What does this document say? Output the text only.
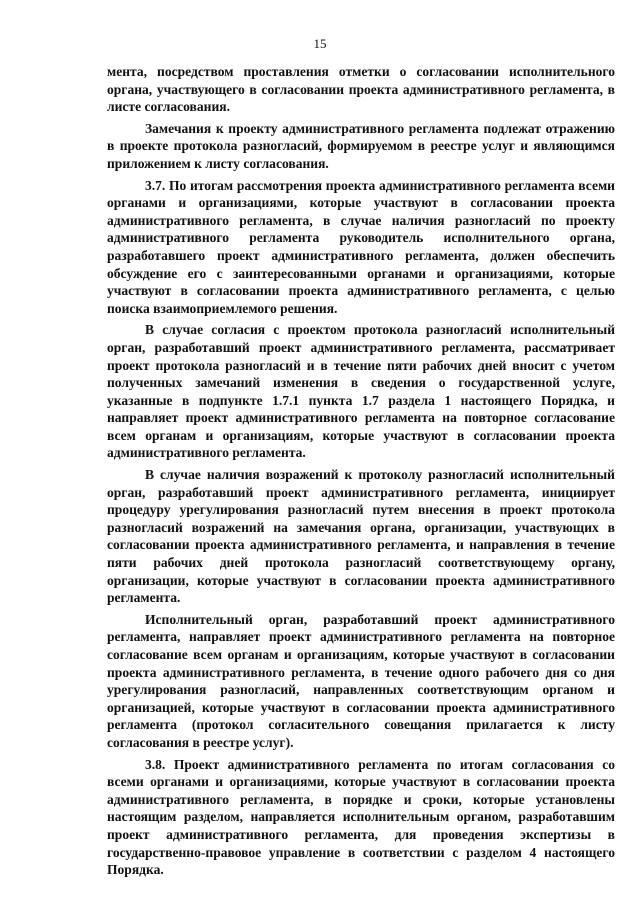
15

мента, посредством проставления отметки о согласовании исполнительного органа, участвующего в согласовании проекта административного регламента, в листе согласования.

Замечания к проекту административного регламента подлежат отражению в проекте протокола разногласий, формируемом в реестре услуг и являющимся приложением к листу согласования.

3.7. По итогам рассмотрения проекта административного регламента всеми органами и организациями, которые участвуют в согласовании проекта административного регламента, в случае наличия разногласий по проекту административного регламента руководитель исполнительного органа, разработавшего проект административного регламента, должен обеспечить обсуждение его с заинтересованными органами и организациями, которые участвуют в согласовании проекта административного регламента, с целью поиска взаимоприемлемого решения.

В случае согласия с проектом протокола разногласий исполнительный орган, разработавший проект административного регламента, рассматривает проект протокола разногласий и в течение пяти рабочих дней вносит с учетом полученных замечаний изменения в сведения о государственной услуге, указанные в подпункте 1.7.1 пункта 1.7 раздела 1 настоящего Порядка, и направляет проект административного регламента на повторное согласование всем органам и организациям, которые участвуют в согласовании проекта административного регламента.

В случае наличия возражений к протоколу разногласий исполнительный орган, разработавший проект административного регламента, инициирует процедуру урегулирования разногласий путем внесения в проект протокола разногласий возражений на замечания органа, организации, участвующих в согласовании проекта административного регламента, и направления в течение пяти рабочих дней протокола разногласий соответствующему органу, организации, которые участвуют в согласовании проекта административного регламента.

Исполнительный орган, разработавший проект административного регламента, направляет проект административного регламента на повторное согласование всем органам и организациям, которые участвуют в согласовании проекта административного регламента, в течение одного рабочего дня со дня урегулирования разногласий, направленных соответствующим органом и организацией, которые участвуют в согласовании проекта административного регламента (протокол согласительного совещания прилагается к листу согласования в реестре услуг).

3.8. Проект административного регламента по итогам согласования со всеми органами и организациями, которые участвуют в согласовании проекта административного регламента, в порядке и сроки, которые установлены настоящим разделом, направляется исполнительным органом, разработавшим проект административного регламента, для проведения экспертизы в государственно-правовое управление в соответствии с разделом 4 настоящего Порядка.
